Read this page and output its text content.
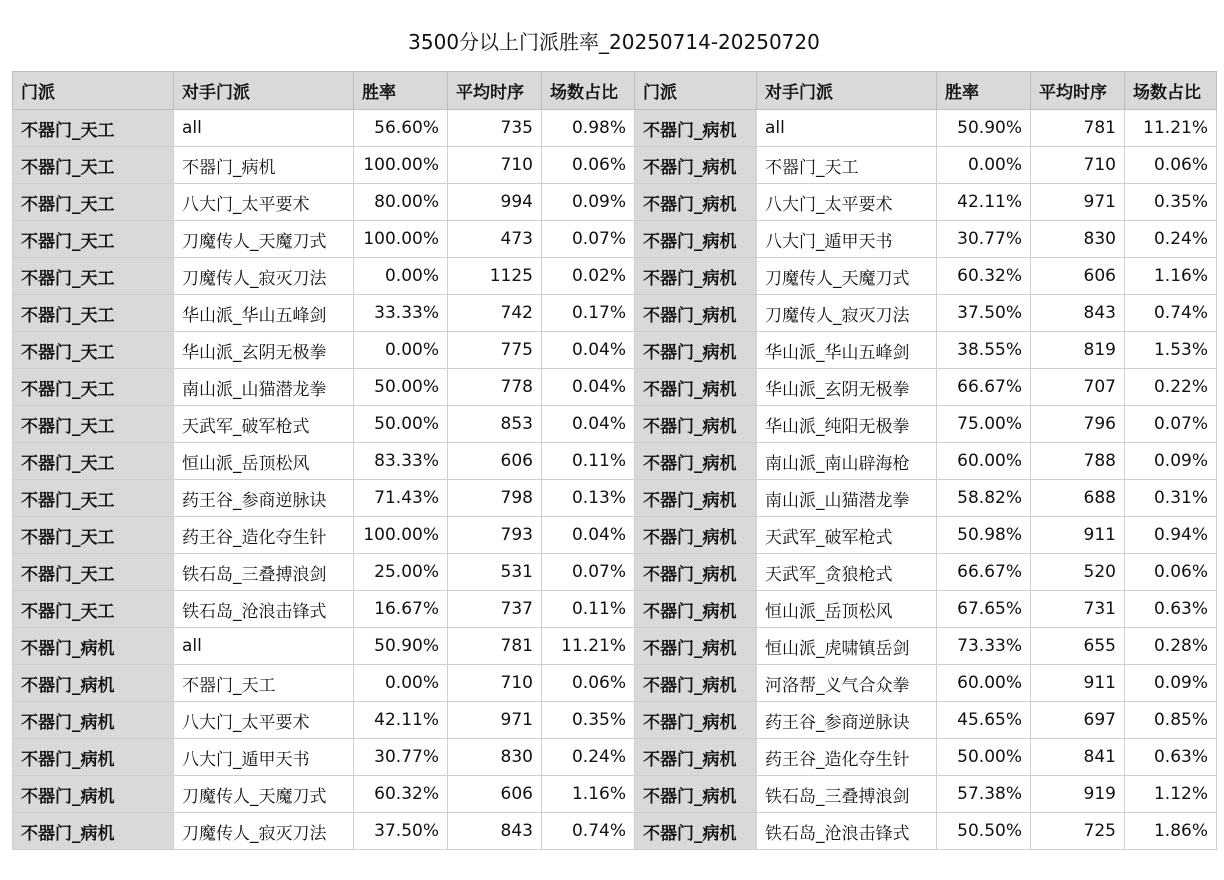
3500分以上门派胜率_20250714-20250720
门派	对手门派	胜率	平均时序	场数占比	门派	对手门派	胜率	平均时序	场数占比
不器门_天工	all	56.60%	735	0.98%	不器门_病机	all	50.90%	781	11.21%
不器门_天工	不器门_病机	100.00%	710	0.06%	不器门_病机	不器门_天工	0.00%	710	0.06%
不器门_天工	八大门_太平要术	80.00%	994	0.09%	不器门_病机	八大门_太平要术	42.11%	971	0.35%
不器门_天工	刀魔传人_天魔刀式	100.00%	473	0.07%	不器门_病机	八大门_遁甲天书	30.77%	830	0.24%
不器门_天工	刀魔传人_寂灭刀法	0.00%	1125	0.02%	不器门_病机	刀魔传人_天魔刀式	60.32%	606	1.16%
不器门_天工	华山派_华山五峰剑	33.33%	742	0.17%	不器门_病机	刀魔传人_寂灭刀法	37.50%	843	0.74%
不器门_天工	华山派_玄阴无极拳	0.00%	775	0.04%	不器门_病机	华山派_华山五峰剑	38.55%	819	1.53%
不器门_天工	南山派_山猫潜龙拳	50.00%	778	0.04%	不器门_病机	华山派_玄阴无极拳	66.67%	707	0.22%
不器门_天工	天武军_破军枪式	50.00%	853	0.04%	不器门_病机	华山派_纯阳无极拳	75.00%	796	0.07%
不器门_天工	恒山派_岳顶松风	83.33%	606	0.11%	不器门_病机	南山派_南山辟海枪	60.00%	788	0.09%
不器门_天工	药王谷_参商逆脉诀	71.43%	798	0.13%	不器门_病机	南山派_山猫潜龙拳	58.82%	688	0.31%
不器门_天工	药王谷_造化夺生针	100.00%	793	0.04%	不器门_病机	天武军_破军枪式	50.98%	911	0.94%
不器门_天工	铁石岛_三叠搏浪剑	25.00%	531	0.07%	不器门_病机	天武军_贪狼枪式	66.67%	520	0.06%
不器门_天工	铁石岛_沧浪击锋式	16.67%	737	0.11%	不器门_病机	恒山派_岳顶松风	67.65%	731	0.63%
不器门_病机	all	50.90%	781	11.21%	不器门_病机	恒山派_虎啸镇岳剑	73.33%	655	0.28%
不器门_病机	不器门_天工	0.00%	710	0.06%	不器门_病机	河洛帮_义气合众拳	60.00%	911	0.09%
不器门_病机	八大门_太平要术	42.11%	971	0.35%	不器门_病机	药王谷_参商逆脉诀	45.65%	697	0.85%
不器门_病机	八大门_遁甲天书	30.77%	830	0.24%	不器门_病机	药王谷_造化夺生针	50.00%	841	0.63%
不器门_病机	刀魔传人_天魔刀式	60.32%	606	1.16%	不器门_病机	铁石岛_三叠搏浪剑	57.38%	919	1.12%
不器门_病机	刀魔传人_寂灭刀法	37.50%	843	0.74%	不器门_病机	铁石岛_沧浪击锋式	50.50%	725	1.86%
